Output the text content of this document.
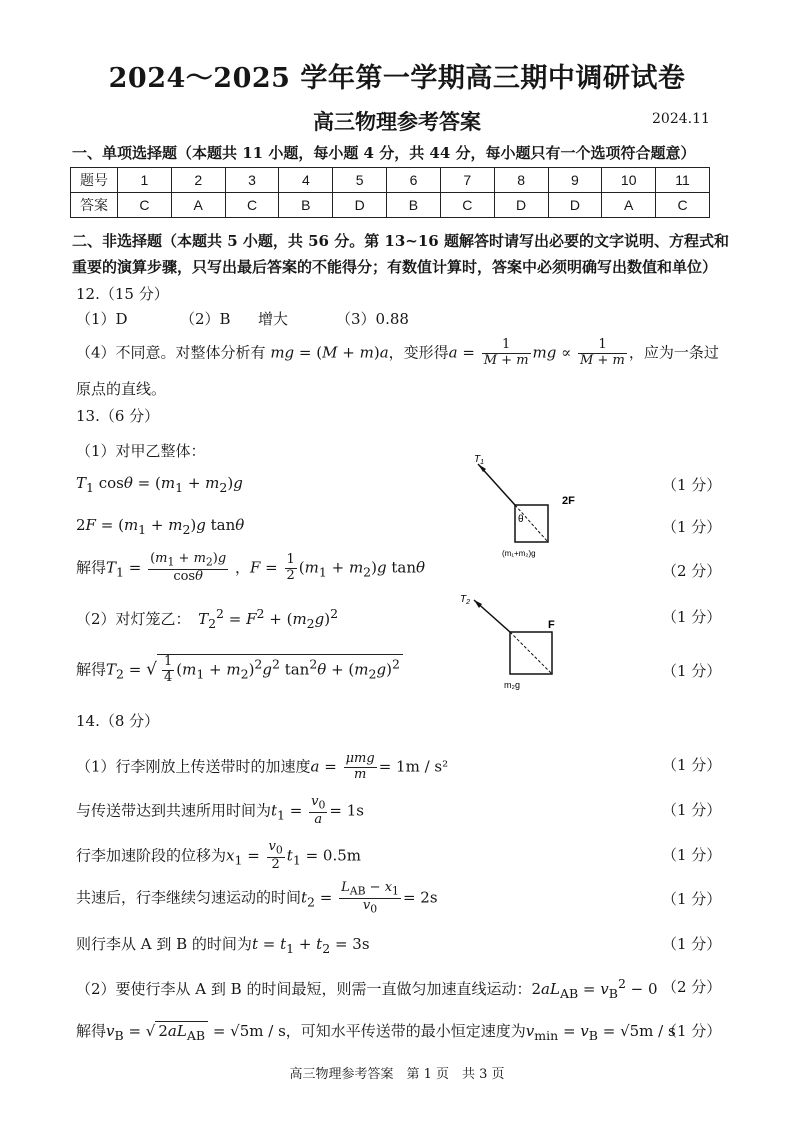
2024～2025 学年第一学期高三期中调研试卷
高三物理参考答案	2024.11
一、单项选择题（本题共 11 小题，每小题 4 分，共 44 分，每小题只有一个选项符合题意）
题号	1	2	3	4	5	6	7	8	9	10	11
答案	C	A	C	B	D	B	C	D	D	A	C
二、非选择题（本题共 5 小题，共 56 分。第 13~16 题解答时请写出必要的文字说明、方程式和
重要的演算步骤，只写出最后答案的不能得分；有数值计算时，答案中必须明确写出数值和单位）
12.（15 分）
（1）D	（2）B 增大	（3）0.88
（4）不同意。对整体分析有 mg = (M + m)a，变形得$a = \frac{1}{M + m}$ mg ∝ $\frac{1}{M + m}$ ，应为一条过
原点的直线。
13.（6 分）
（1）对甲乙整体：
$T_1$ $\cos\theta = (m_1 + m_2)g$	（1 分）
$2F = (m_1 + m_2)g$ tanθ	（1 分）
解得$T_1 = \frac{(m_1 + m_2)g}{\cos\theta}$ ，$F = \frac{1}{2} (m_1 + m_2)g$ tanθ	（2 分）
（2）对灯笼乙：　 $T_2^2 = F^2 + (m_2g)^2$	（1 分）
解得$T_2$ = √ $\frac{1}{4} (m_1 + m_2)^2g^2$ $\tan^2\theta + (m_2g)^2$	（1 分）
$T_1$
2F
θ
(m₁+m₂)g
$T_2$
F
m₂g
14.（8 分）
（1）行李刚放上传送带时的加速度$a = \frac{\text{μmg}}{m} = 1m / s^2$	（1 分）
与传送带达到共速所用时间为$t_1 = \frac{v_0}{a} = 1s$	（1 分）
行李加速阶段的位移为$x_1 = \frac{v_0}{2} t_1 = 0.5m$	（1 分）
共速后，行李继续匀速运动的时间$t_2 = \frac{L_{AB} - x_1}{v_0} = 2s$	（1 分）
则行李从 A 到 B 的时间为$t = t_1 + t_2 = 3s$	（1 分）
（2）要使行李从 A 到 B 的时间最短，则需一直做匀加速直线运动：$2aL_{AB} = v_B^2 - 0$ （2 分）
解得$v_B$ = √ $2aL_{AB} = √5m / s$，可知水平传送带的最小恒定速度为$v_{min} = v_B = √5m / s$
（1 分）
高三物理参考答案　第 1 页　共 3 页
